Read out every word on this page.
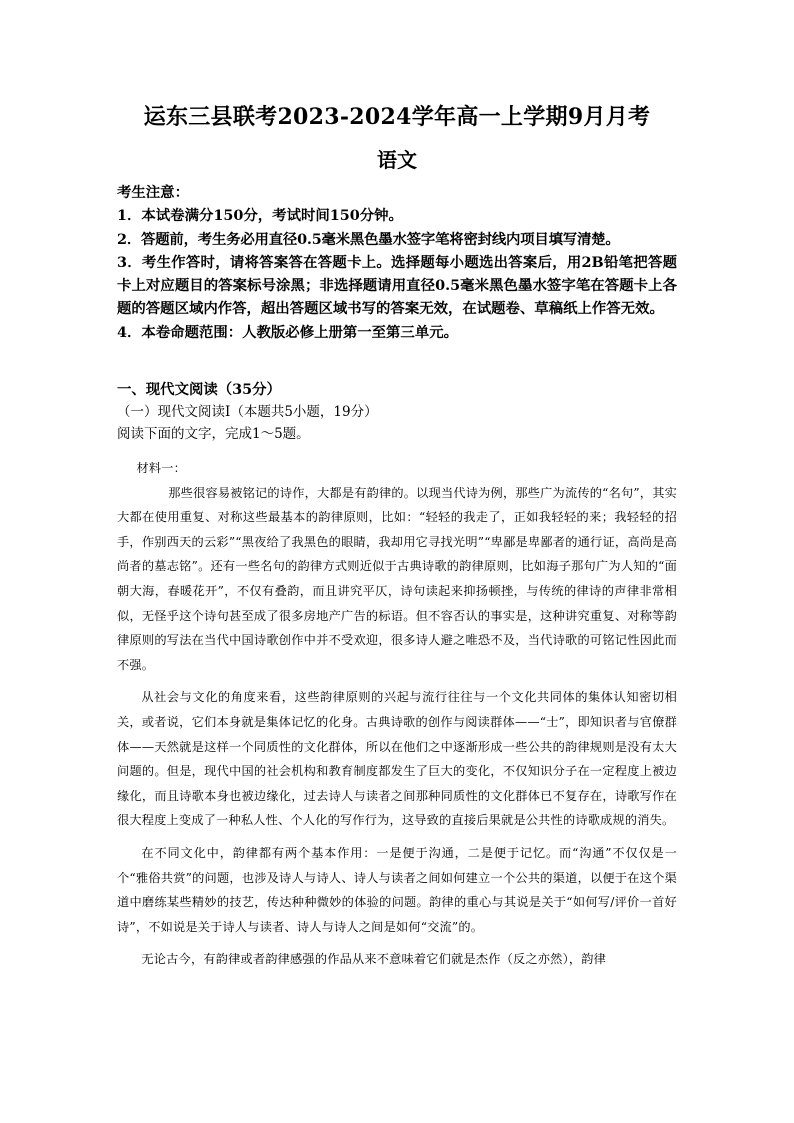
运东三县联考2023-2024学年高一上学期9月月考
语文
考生注意：
1．本试卷满分150分，考试时间150分钟。
2．答题前，考生务必用直径0.5毫米黑色墨水签字笔将密封线内项目填写清楚。
3．考生作答时，请将答案答在答题卡上。选择题每小题选出答案后，用2B铅笔把答题卡上对应题目的答案标号涂黑；非选择题请用直径0.5毫米黑色墨水签字笔在答题卡上各题的答题区域内作答，超出答题区域书写的答案无效，在试题卷、草稿纸上作答无效。
4．本卷命题范围：人教版必修上册第一至第三单元。
一、现代文阅读（35分）
（一）现代文阅读Ⅰ（本题共5小题，19分）
阅读下面的文字，完成1～5题。

材料一：

那些很容易被铭记的诗作，大都是有韵律的。以现当代诗为例，那些广为流传的“名句”，其实大都在使用重复、对称这些最基本的韵律原则，比如：“轻轻的我走了，正如我轻轻的来；我轻轻的招手，作别西天的云彩”“黑夜给了我黑色的眼睛，我却用它寻找光明”“卑鄙是卑鄙者的通行证，高尚是高尚者的墓志铭”。还有一些名句的韵律方式则近似于古典诗歌的韵律原则，比如海子那句广为人知的“面朝大海，春暖花开”，不仅有叠韵，而且讲究平仄，诗句读起来抑扬顿挫，与传统的律诗的声律非常相似，无怪乎这个诗句甚至成了很多房地产广告的标语。但不容否认的事实是，这种讲究重复、对称等韵律原则的写法在当代中国诗歌创作中并不受欢迎，很多诗人避之唯恐不及，当代诗歌的可铭记性因此而不强。

从社会与文化的角度来看，这些韵律原则的兴起与流行往往与一个文化共同体的集体认知密切相关，或者说，它们本身就是集体记忆的化身。古典诗歌的创作与阅读群体——“士”，即知识者与官僚群体——天然就是这样一个同质性的文化群体，所以在他们之中逐渐形成一些公共的韵律规则是没有太大问题的。但是，现代中国的社会机构和教育制度都发生了巨大的变化，不仅知识分子在一定程度上被边缘化，而且诗歌本身也被边缘化，过去诗人与读者之间那种同质性的文化群体已不复存在，诗歌写作在很大程度上变成了一种私人性、个人化的写作行为，这导致的直接后果就是公共性的诗歌成规的消失。

在不同文化中，韵律都有两个基本作用：一是便于沟通，二是便于记忆。而“沟通”不仅仅是一个“雅俗共赏”的问题，也涉及诗人与诗人、诗人与读者之间如何建立一个公共的渠道，以便于在这个渠道中磨练某些精妙的技艺，传达种种微妙的体验的问题。韵律的重心与其说是关于“如何写/评价一首好诗”，不如说是关于诗人与读者、诗人与诗人之间是如何“交流”的。

无论古今，有韵律或者韵律感强的作品从来不意味着它们就是杰作（反之亦然），韵律
